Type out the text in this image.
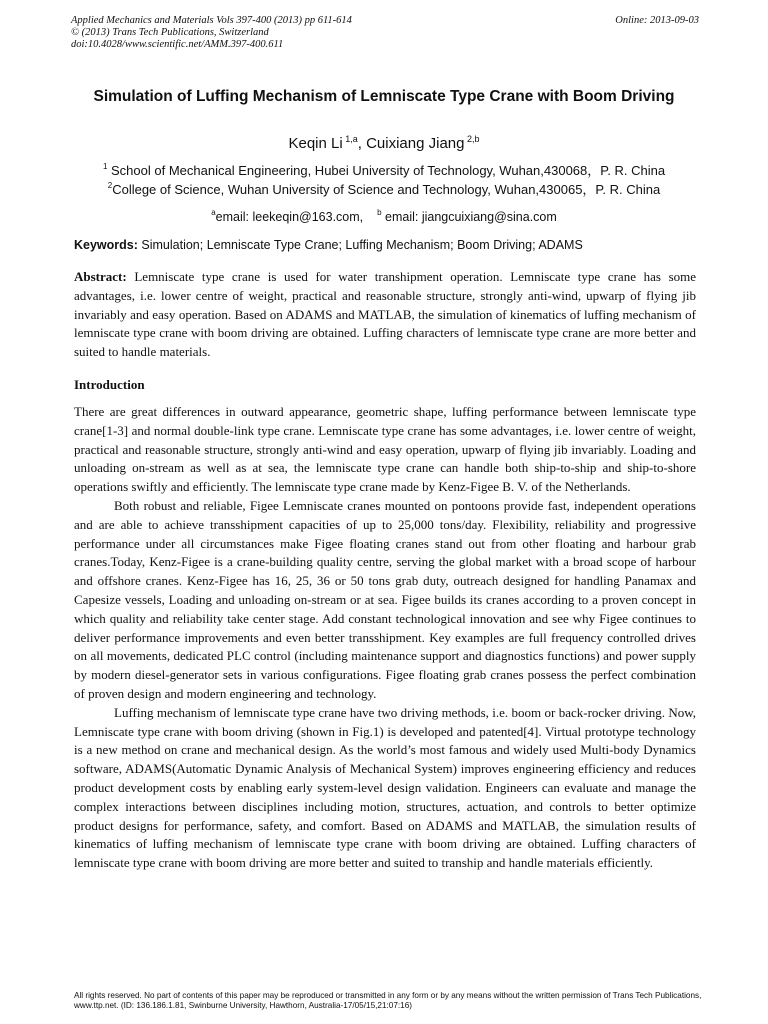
Applied Mechanics and Materials Vols 397-400 (2013) pp 611-614
© (2013) Trans Tech Publications, Switzerland
doi:10.4028/www.scientific.net/AMM.397-400.611
Online: 2013-09-03
Simulation of Luffing Mechanism of Lemniscate Type Crane with Boom Driving
Keqin Li $^{1,a}$, Cuixiang Jiang $^{2,b}$
$^1$ School of Mechanical Engineering, Hubei University of Technology, Wuhan,430068，P. R. China
$^2$College of Science, Wuhan University of Science and Technology, Wuhan,430065，P. R. China
$^a$email: leekeqin@163.com, $^b$ email: jiangcuixiang@sina.com
Keywords: Simulation; Lemniscate Type Crane; Luffing Mechanism; Boom Driving; ADAMS
Abstract: Lemniscate type crane is used for water transhipment operation. Lemniscate type crane has some advantages, i.e. lower centre of weight, practical and reasonable structure, strongly anti-wind, upwarp of flying jib invariably and easy operation. Based on ADAMS and MATLAB, the simulation of kinematics of luffing mechanism of lemniscate type crane with boom driving are obtained. Luffing characters of lemniscate type crane are more better and suited to handle materials.
Introduction

There are great differences in outward appearance, geometric shape, luffing performance between lemniscate type crane[1-3] and normal double-link type crane. Lemniscate type crane has some advantages, i.e. lower centre of weight, practical and reasonable structure, strongly anti-wind and easy operation, upwarp of flying jib invariably. Loading and unloading on-stream as well as at sea, the lemniscate type crane can handle both ship-to-ship and ship-to-shore operations swiftly and efficiently. The lemniscate type crane made by Kenz-Figee B. V. of the Netherlands.

Both robust and reliable, Figee Lemniscate cranes mounted on pontoons provide fast, independent operations and are able to achieve transshipment capacities of up to 25,000 tons/day. Flexibility, reliability and progressive performance under all circumstances make Figee floating cranes stand out from other floating and harbour grab cranes.Today, Kenz-Figee is a crane-building quality centre, serving the global market with a broad scope of harbour and offshore cranes. Kenz-Figee has 16, 25, 36 or 50 tons grab duty, outreach designed for handling Panamax and Capesize vessels, Loading and unloading on-stream or at sea. Figee builds its cranes according to a proven concept in which quality and reliability take center stage. Add constant technological innovation and see why Figee continues to deliver performance improvements and even better transshipment. Key examples are full frequency controlled drives on all movements, dedicated PLC control (including maintenance support and diagnostics functions) and power supply by modern diesel-generator sets in various configurations. Figee floating grab cranes possess the perfect combination of proven design and modern engineering and technology.

Luffing mechanism of lemniscate type crane have two driving methods, i.e. boom or back-rocker driving. Now, Lemniscate type crane with boom driving (shown in Fig.1) is developed and patented[4]. Virtual prototype technology is a new method on crane and mechanical design. As the world’s most famous and widely used Multi-body Dynamics software, ADAMS(Automatic Dynamic Analysis of Mechanical System) improves engineering efficiency and reduces product development costs by enabling early system-level design validation. Engineers can evaluate and manage the complex interactions between disciplines including motion, structures, actuation, and controls to better optimize product designs for performance, safety, and comfort. Based on ADAMS and MATLAB, the simulation results of kinematics of luffing mechanism of lemniscate type crane with boom driving are obtained. Luffing characters of lemniscate type crane with boom driving are more better and suited to tranship and handle materials efficiently.

All rights reserved. No part of contents of this paper may be reproduced or transmitted in any form or by any means without the written permission of Trans Tech Publications, www.ttp.net. (ID: 136.186.1.81, Swinburne University, Hawthorn, Australia-17/05/15,21:07:16)
